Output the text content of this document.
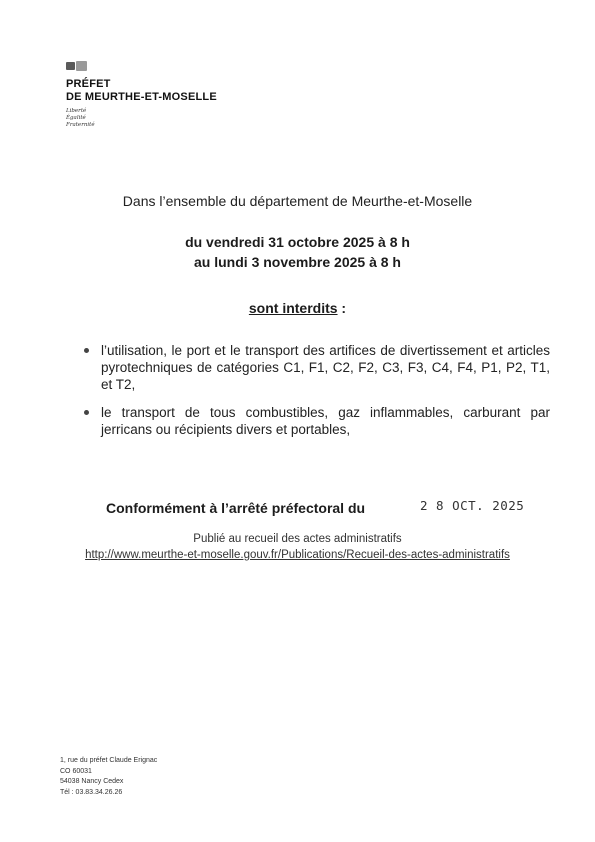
PRÉFET
DE MEURTHE-ET-MOSELLE
Liberté
Égalité
Fraternité
Dans l’ensemble du département de Meurthe-et-Moselle
du vendredi 31 octobre 2025 à 8 h
au lundi 3 novembre 2025 à 8 h
sont interdits :
l’utilisation, le port et le transport des artifices de divertissement et articles pyrotechniques de catégories C1, F1, C2, F2, C3, F3, C4, F4, P1, P2, T1, et T2,
le transport de tous combustibles, gaz inflammables, carburant par jerricans ou récipients divers et portables,
Conformément à l’arrêté préfectoral du	2 8 OCT. 2025
Publié au recueil des actes administratifs
http://www.meurthe-et-moselle.gouv.fr/Publications/Recueil-des-actes-administratifs
1, rue du préfet Claude Erignac
CO 60031
54038 Nancy Cedex
Tél : 03.83.34.26.26
